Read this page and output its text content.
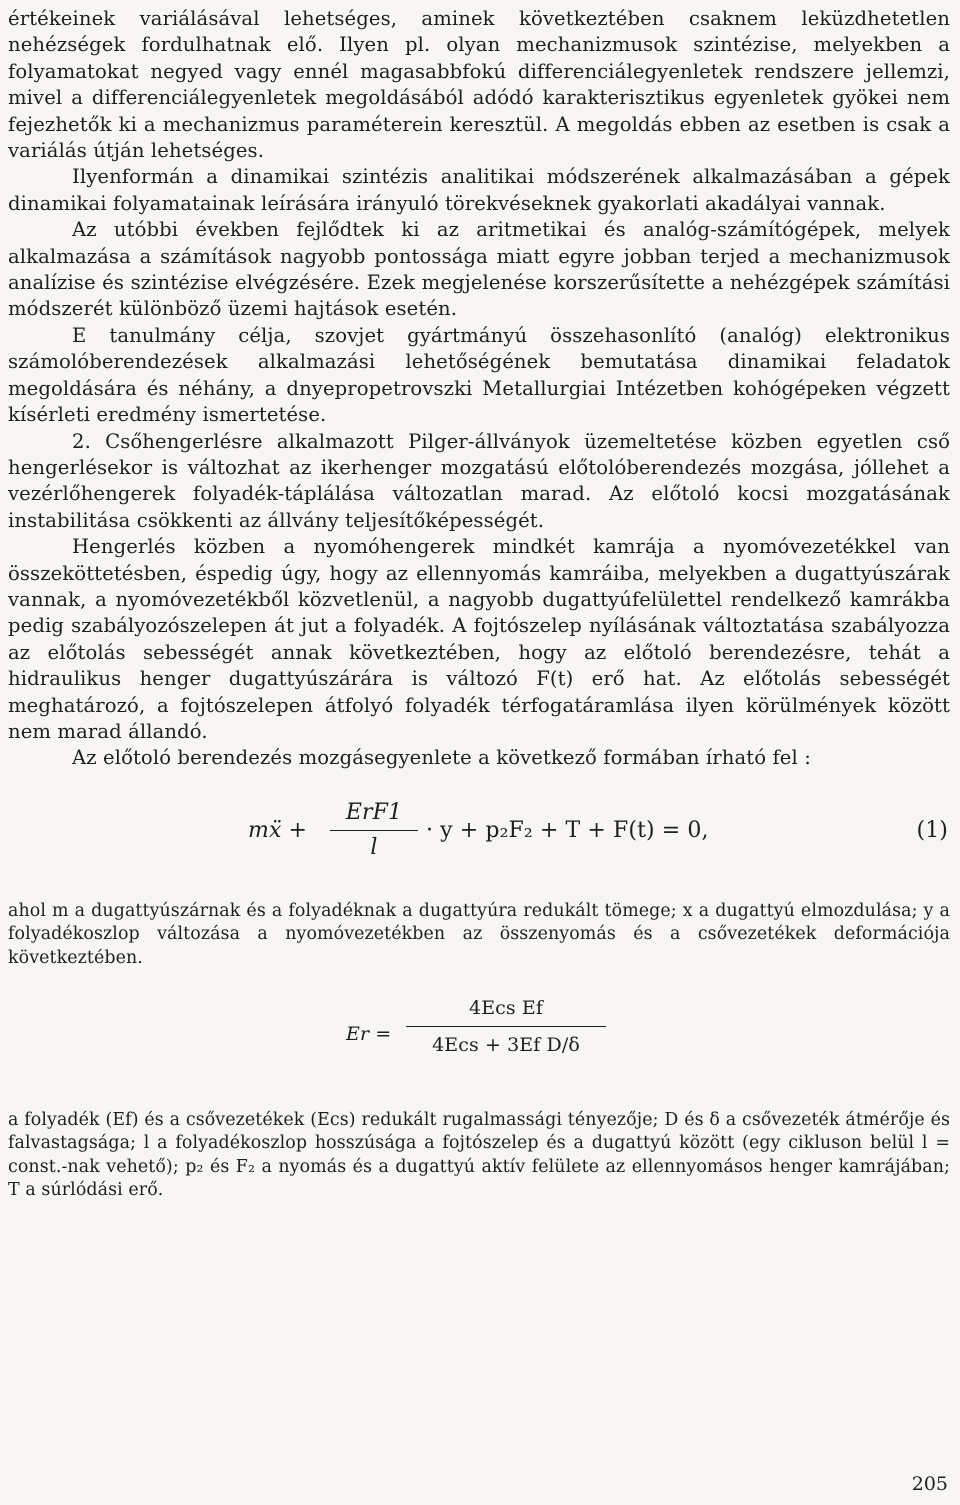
értékeinek variálásával lehetséges, aminek következtében csaknem leküzdhetetlen nehézségek fordulhatnak elő. Ilyen pl. olyan mechanizmusok szintézise, melyekben a folyamatokat negyed vagy ennél magasabbfokú differenciálegyenletek rendszere jellemzi, mivel a differenciálegyenletek megoldásából adódó karakterisztikus egyenletek gyökei nem fejezhetők ki a mechanizmus paraméterein keresztül. A megoldás ebben az esetben is csak a variálás útján lehetséges.

Ilyenformán a dinamikai szintézis analitikai módszerének alkalmazásában a gépek dinamikai folyamatainak leírására irányuló törekvéseknek gyakorlati akadályai vannak.

Az utóbbi években fejlődtek ki az aritmetikai és analóg-számítógépek, melyek alkalmazása a számítások nagyobb pontossága miatt egyre jobban terjed a mechanizmusok analízise és szintézise elvégzésére. Ezek megjelenése korszerűsítette a nehézgépek számítási módszerét különböző üzemi hajtások esetén.

E tanulmány célja, szovjet gyártmányú összehasonlító (analóg) elektronikus számolóberendezések alkalmazási lehetőségének bemutatása dinamikai feladatok megoldására és néhány, a dnyepropetrovszki Metallurgiai Intézetben kohógépeken végzett kísérleti eredmény ismertetése.

2. Csőhengerlésre alkalmazott Pilger-állványok üzemeltetése közben egyetlen cső hengerlésekor is változhat az ikerhenger mozgatású előtolóberendezés mozgása, jóllehet a vezérlőhengerek folyadék-táplálása változatlan marad. Az előtoló kocsi mozgatásának instabilitása csökkenti az állvány teljesítőképességét.

Hengerlés közben a nyomóhengerek mindkét kamrája a nyomóvezetékkel van összeköttetésben, éspedig úgy, hogy az ellennyomás kamráiba, melyekben a dugattyúszárak vannak, a nyomóvezetékből közvetlenül, a nagyobb dugattyúfelülettel rendelkező kamrákba pedig szabályozószelepen át jut a folyadék. A fojtószelep nyílásának változtatása szabályozza az előtolás sebességét annak következtében, hogy az előtoló berendezésre, tehát a hidraulikus henger dugattyúszárára is változó F(t) erő hat. Az előtolás sebességét meghatározó, a fojtószelepen átfolyó folyadék térfogatáramlása ilyen körülmények között nem marad állandó.

Az előtoló berendezés mozgásegyenlete a következő formában írható fel :

mẍ +
ErF1
l
· y + p₂F₂ + T + F(t) = 0,	(1)

ahol m a dugattyúszárnak és a folyadéknak a dugattyúra redukált tömege; x a dugattyú elmozdulása; y a folyadékoszlop változása a nyomóvezetékben az összenyomás és a csővezetékek deformációja következtében.

Er =
4Ecs Ef
4Ecs + 3Ef D/δ

a folyadék (Ef) és a csővezetékek (Ecs) redukált rugalmassági tényezője; D és δ a csővezeték átmérője és falvastagsága; l a folyadékoszlop hosszúsága a fojtószelep és a dugattyú között (egy cikluson belül l = const.-nak vehető); p₂ és F₂ a nyomás és a dugattyú aktív felülete az ellennyomásos henger kamrájában; T a súrlódási erő.

205
